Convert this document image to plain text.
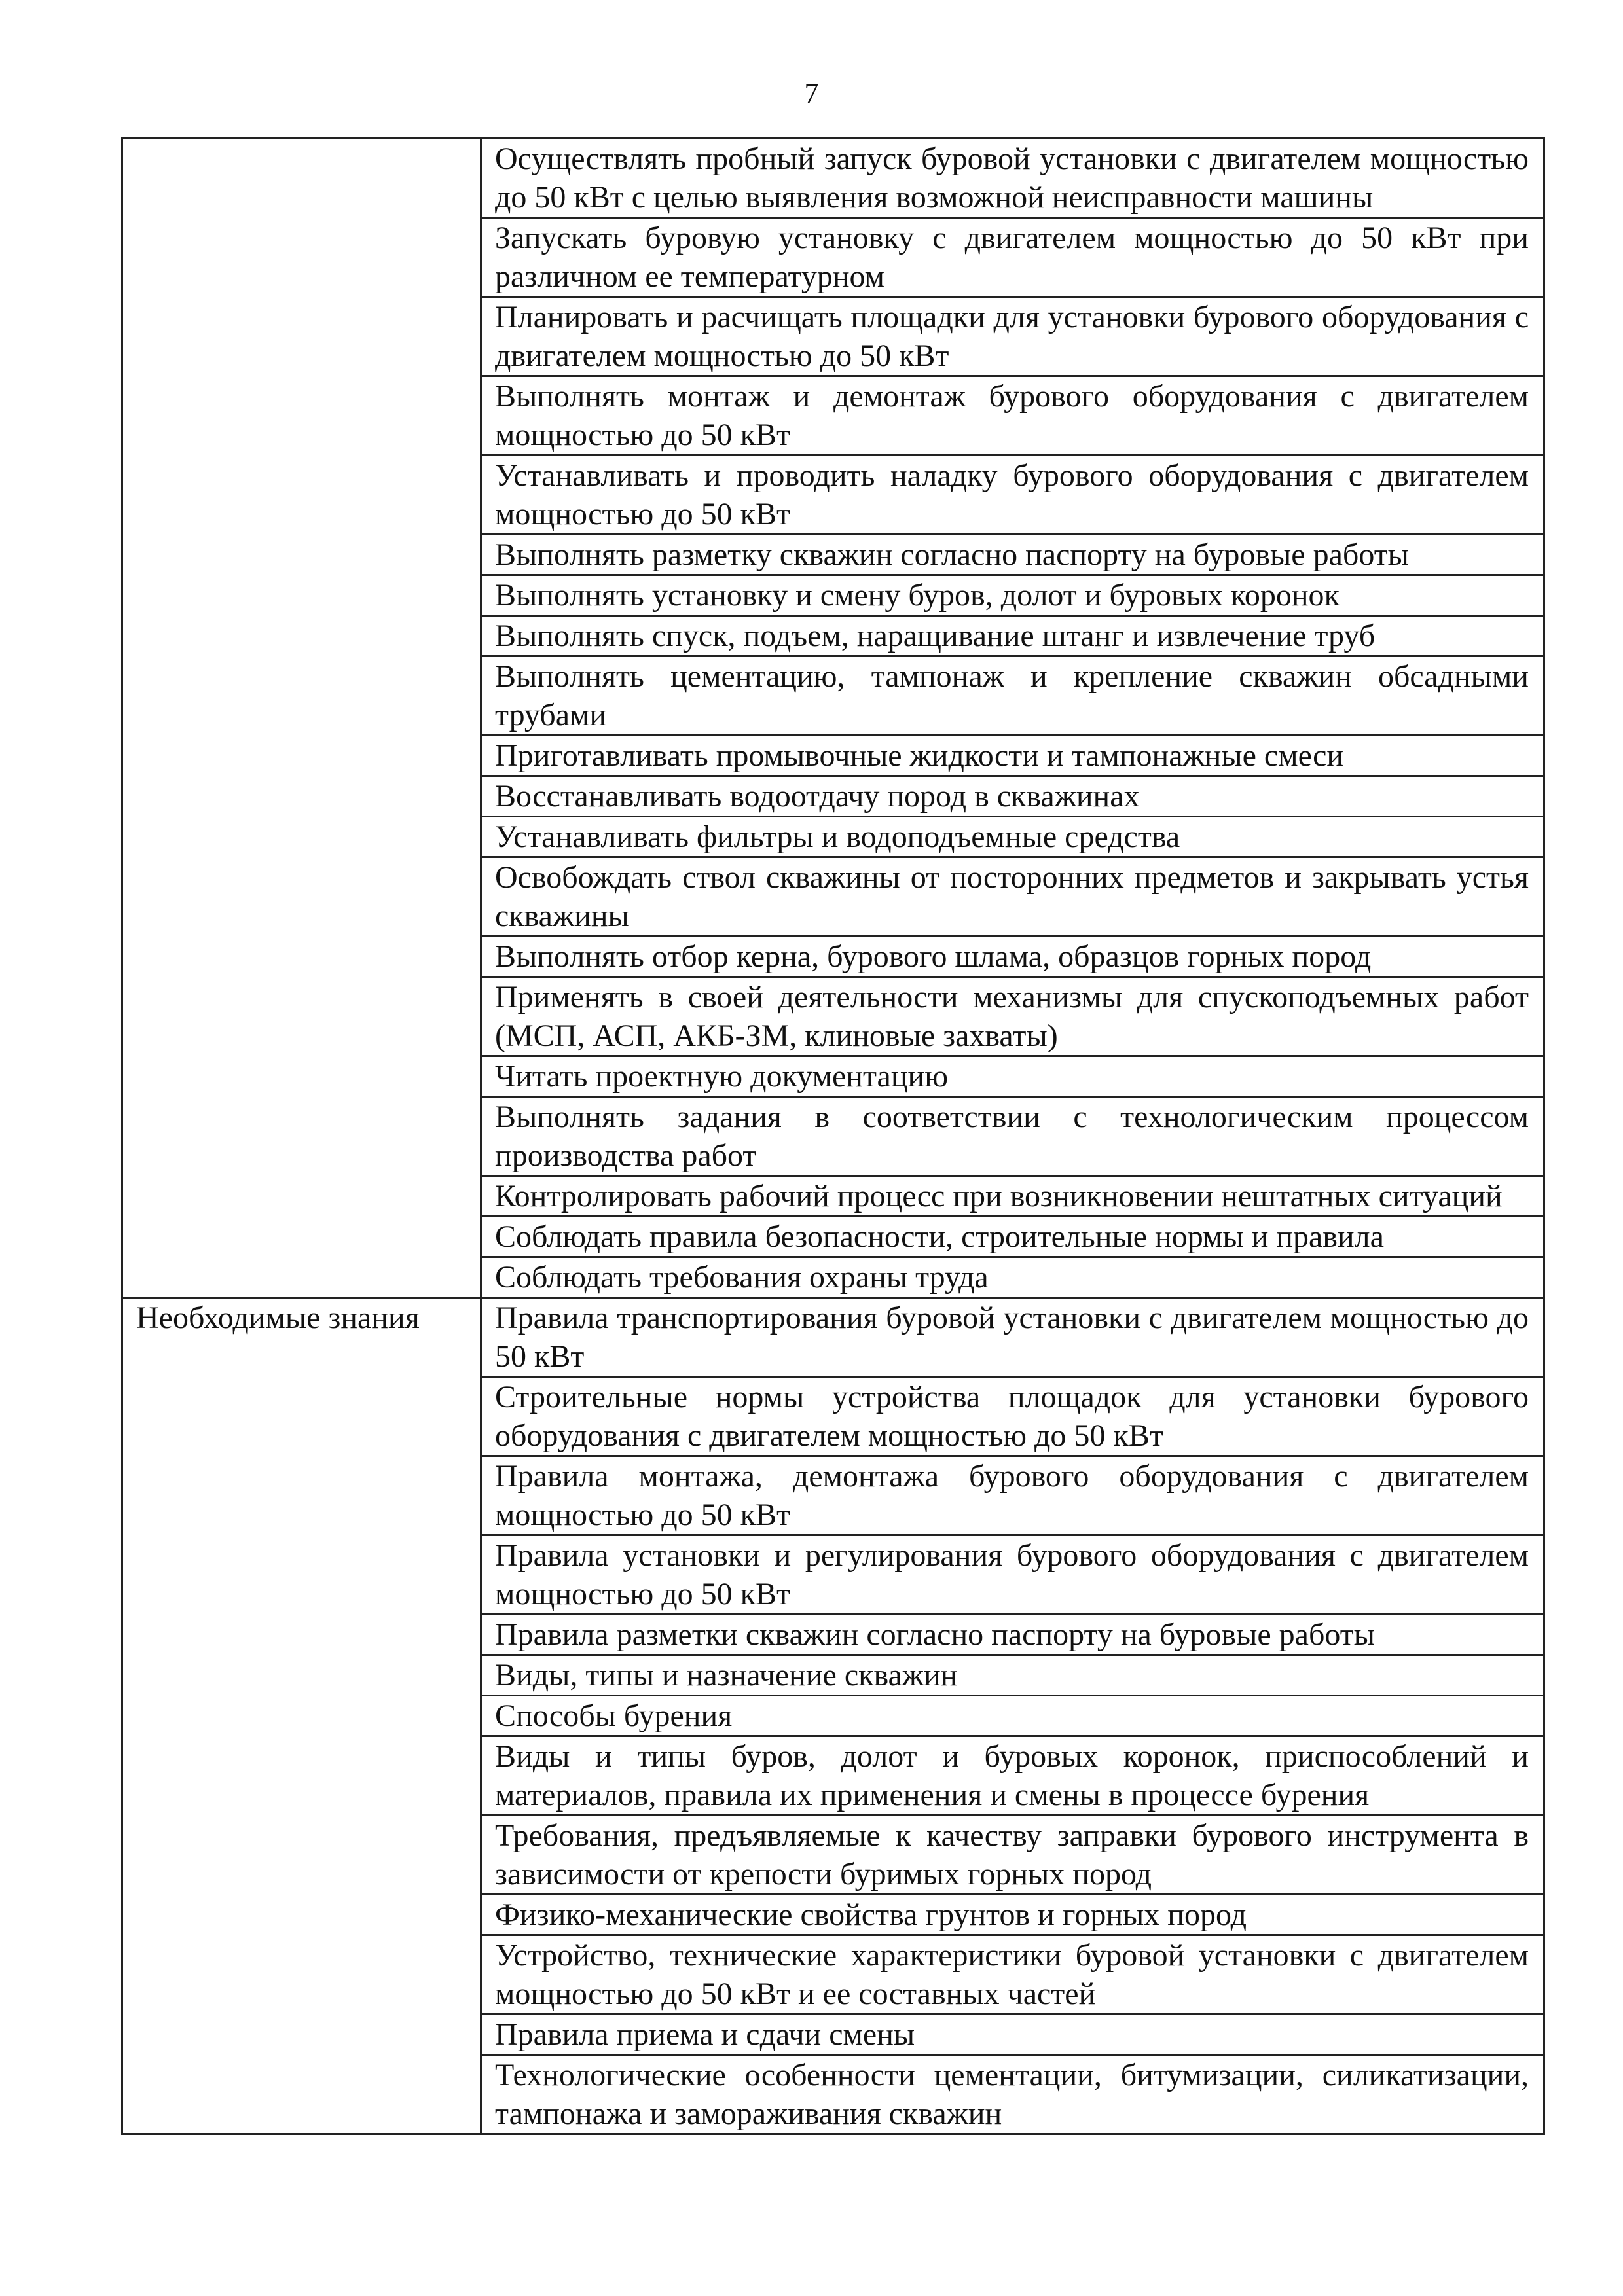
7
	Осуществлять пробный запуск буровой установки с двигателем мощностью до 50 кВт с целью выявления возможной неисправности машины
	Запускать буровую установку с двигателем мощностью до 50 кВт при различном ее температурном
	Планировать и расчищать площадки для установки бурового оборудования с двигателем мощностью до 50 кВт
	Выполнять монтаж и демонтаж бурового оборудования с двигателем мощностью до 50 кВт
	Устанавливать и проводить наладку бурового оборудования с двигателем мощностью до 50 кВт
	Выполнять разметку скважин согласно паспорту на буровые работы
	Выполнять установку и смену буров, долот и буровых коронок
	Выполнять спуск, подъем, наращивание штанг и извлечение труб
	Выполнять цементацию, тампонаж и крепление скважин обсадными трубами
	Приготавливать промывочные жидкости и тампонажные смеси
	Восстанавливать водоотдачу пород в скважинах
	Устанавливать фильтры и водоподъемные средства
	Освобождать ствол скважины от посторонних предметов и закрывать устья скважины
	Выполнять отбор керна, бурового шлама, образцов горных пород
	Применять в своей деятельности механизмы для спускоподъемных работ (МСП, АСП, АКБ-ЗМ, клиновые захваты)
	Читать проектную документацию
	Выполнять задания в соответствии с технологическим процессом производства работ
	Контролировать рабочий процесс при возникновении нештатных ситуаций
	Соблюдать правила безопасности, строительные нормы и правила
	Соблюдать требования охраны труда
Необходимые знания	Правила транспортирования буровой установки с двигателем мощностью до 50 кВт
	Строительные нормы устройства площадок для установки бурового оборудования с двигателем мощностью до 50 кВт
	Правила монтажа, демонтажа бурового оборудования с двигателем мощностью до 50 кВт
	Правила установки и регулирования бурового оборудования с двигателем мощностью до 50 кВт
	Правила разметки скважин согласно паспорту на буровые работы
	Виды, типы и назначение скважин
	Способы бурения
	Виды и типы буров, долот и буровых коронок, приспособлений и материалов, правила их применения и смены в процессе бурения
	Требования, предъявляемые к качеству заправки бурового инструмента в зависимости от крепости буримых горных пород
	Физико-механические свойства грунтов и горных пород
	Устройство, технические характеристики буровой установки с двигателем мощностью до 50 кВт и ее составных частей
	Правила приема и сдачи смены
	Технологические особенности цементации, битумизации, силикатизации, тампонажа и замораживания скважин
